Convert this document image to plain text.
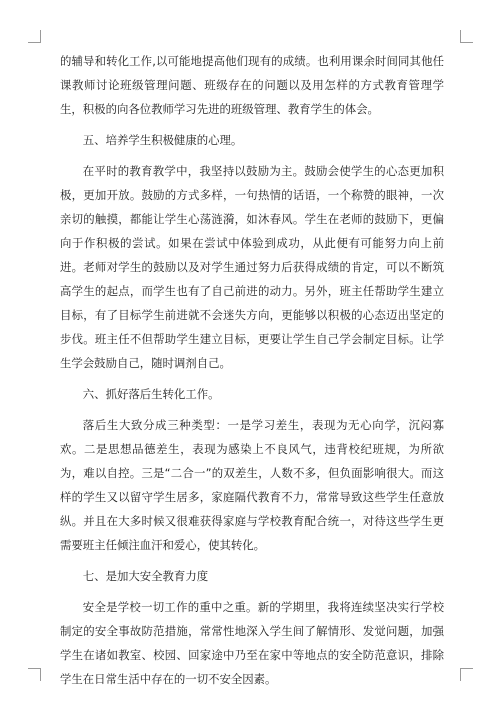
的辅导和转化工作,以可能地提高他们现有的成绩。也利用课余时间同其他任课教师讨论班级管理问题、班级存在的问题以及用怎样的方式教育管理学生，积极的向各位教师学习先进的班级管理、教育学生的体会。

五、培养学生积极健康的心理。

在平时的教育教学中，我坚持以鼓励为主。鼓励会使学生的心态更加积极，更加开放。鼓励的方式多样，一句热情的话语，一个称赞的眼神，一次亲切的触摸，都能让学生心荡涟漪，如沐春风。学生在老师的鼓励下，更偏向于作积极的尝试。如果在尝试中体验到成功，从此便有可能努力向上前进。老师对学生的鼓励以及对学生通过努力后获得成绩的肯定，可以不断筑高学生的起点，而学生也有了自己前进的动力。另外，班主任帮助学生建立目标，有了目标学生前进就不会迷失方向，更能够以积极的心态迈出坚定的步伐。班主任不但帮助学生建立目标，更要让学生自己学会制定目标。让学生学会鼓励自己，随时调剂自己。

六、抓好落后生转化工作。

落后生大致分成三种类型：一是学习差生，表现为无心向学，沉闷寡欢。二是思想品德差生，表现为感染上不良风气，违背校纪班规，为所欲为，难以自控。三是“二合一”的双差生，人数不多，但负面影响很大。而这样的学生又以留守学生居多，家庭隔代教育不力，常常导致这些学生任意放纵。并且在大多时候又很难获得家庭与学校教育配合统一，对待这些学生更需要班主任倾注血汗和爱心，使其转化。

七、是加大安全教育力度

安全是学校一切工作的重中之重。新的学期里，我将连续坚决实行学校制定的安全事故防范措施，常常性地深入学生间了解情形、发觉问题，加强学生在诸如教室、校园、回家途中乃至在家中等地点的安全防范意识，排除学生在日常生活中存在的一切不安全因素。
